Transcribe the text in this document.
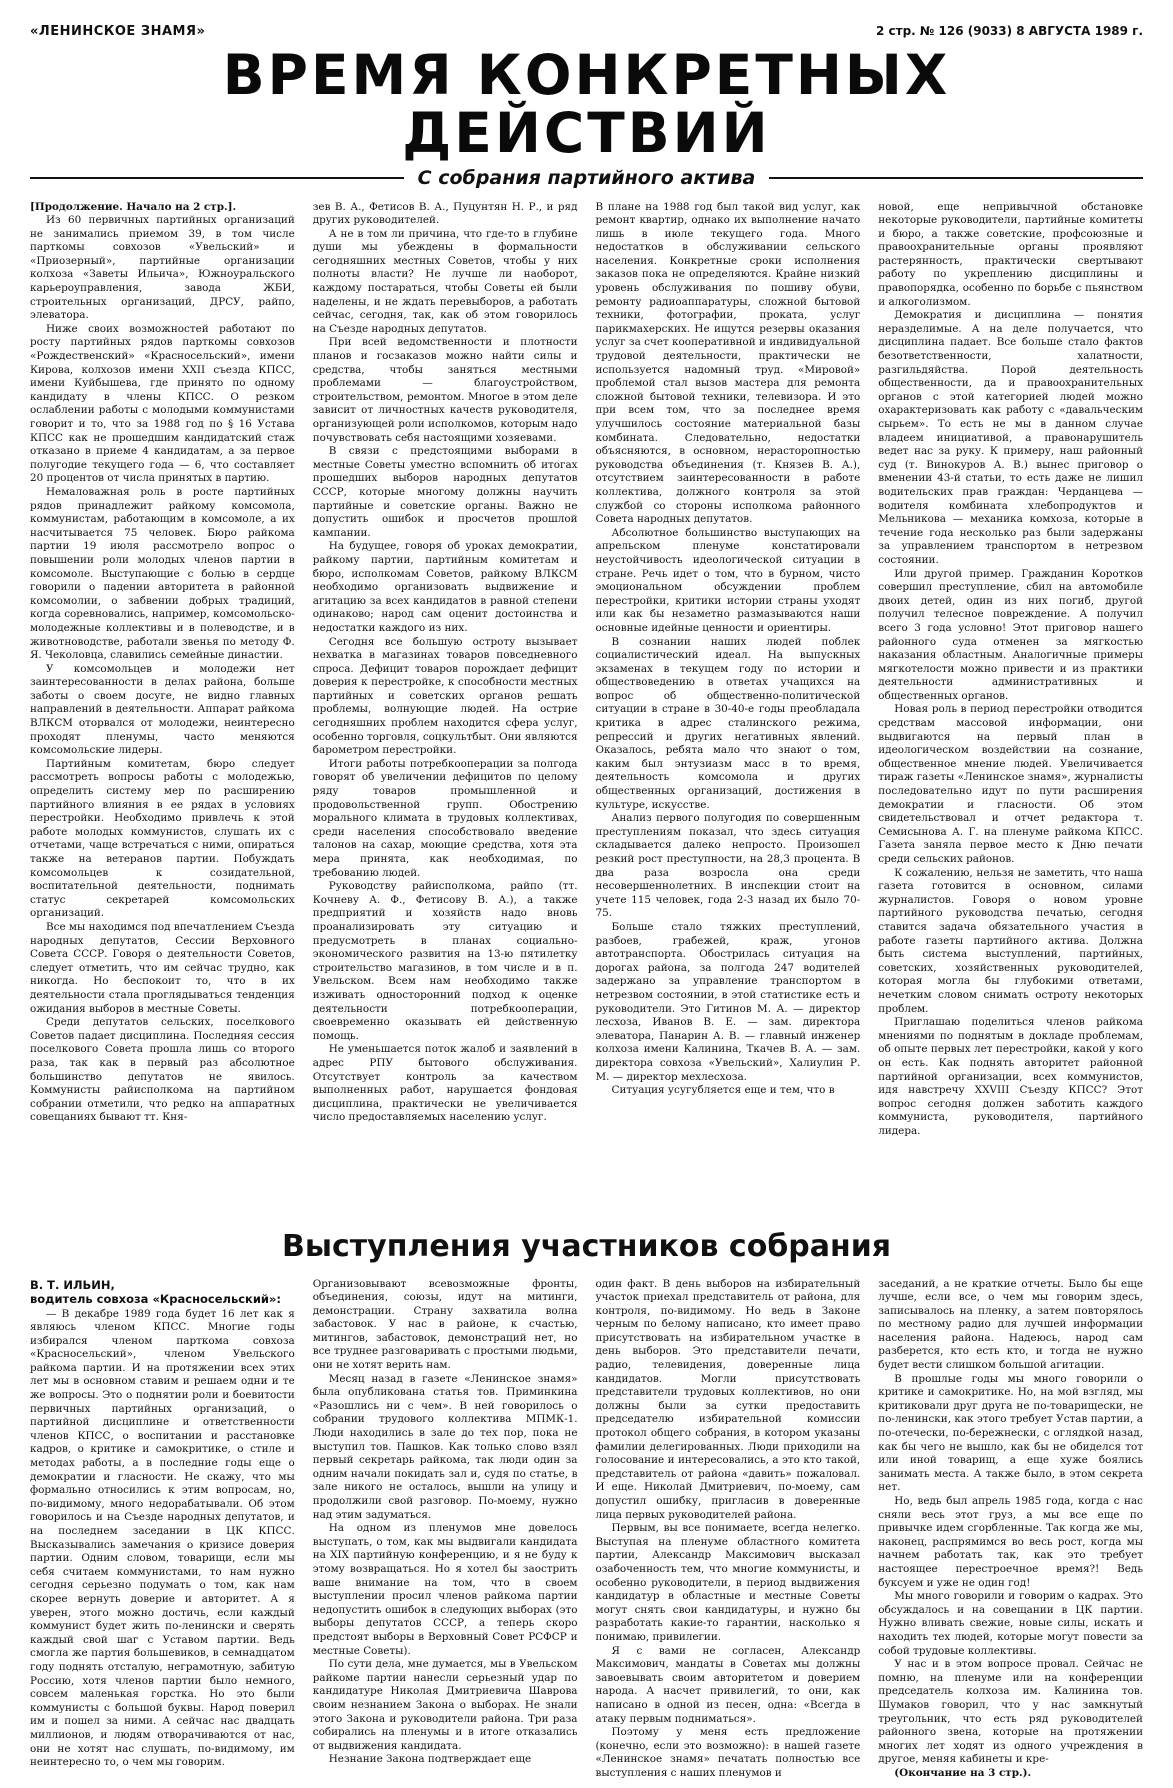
«ЛЕНИНСКОЕ ЗНАМЯ»	2 стр. № 126 (9033) 8 АВГУСТА 1989 г.
ВРЕМЯ КОНКРЕТНЫХ ДЕЙСТВИЙ
С собрания партийного актива

[Продолжение. Начало на 2 стр.].

Из 60 первичных партийных организаций не занимались приемом 39, в том числе парткомы совхозов «Увельский» и «Приозерный», партийные организации колхоза «Заветы Ильича», Южноуральского карьероуправления, завода ЖБИ, строительных организаций, ДРСУ, райпо, элеватора.

Ниже своих возможностей работают по росту партийных рядов парткомы совхозов «Рождественский» «Красносельский», имени Кирова, колхозов имени XXII съезда КПСС, имени Куйбышева, где принято по одному кандидату в члены КПСС. О резком ослаблении работы с молодыми коммунистами говорит и то, что за 1988 год по § 16 Устава КПСС как не прошедшим кандидатский стаж отказано в приеме 4 кандидатам, а за первое полугодие текущего года — 6, что составляет 20 процентов от числа принятых в партию.

Немаловажная роль в росте партийных рядов принадлежит райкому комсомола, коммунистам, работающим в комсомоле, а их насчитывается 75 человек. Бюро райкома партии 19 июля рассмотрело вопрос о повышении роли молодых членов партии в комсомоле. Выступающие с болью в сердце говорили о падении авторитета в районной комсомолии, о забвении добрых традиций, когда соревновались, например, комсомольско-молодежные коллективы и в полеводстве, и в животноводстве, работали звенья по методу Ф. Я. Чеколовца, славились семейные династии.

У комсомольцев и молодежи нет заинтересованности в делах района, больше заботы о своем досуге, не видно главных направлений в деятельности. Аппарат райкома ВЛКСМ оторвался от молодежи, неинтересно проходят пленумы, часто меняются комсомольские лидеры.

Партийным комитетам, бюро следует рассмотреть вопросы работы с молодежью, определить систему мер по расширению партийного влияния в ее рядах в условиях перестройки. Необходимо привлечь к этой работе молодых коммунистов, слушать их с отчетами, чаще встречаться с ними, опираться также на ветеранов партии. Побуждать комсомольцев к созидательной, воспитательной деятельности, поднимать статус секретарей комсомольских организаций.

Все мы находимся под впечатлением Съезда народных депутатов, Сессии Верховного Совета СССР. Говоря о деятельности Советов, следует отметить, что им сейчас трудно, как никогда. Но беспокоит то, что в их деятельности стала проглядываться тенденция ожидания выборов в местные Советы.

Среди депутатов сельских, поселкового Советов падает дисциплина. Последняя сессия поселкового Совета прошла лишь со второго раза, так как в первый раз абсолютное большинство депутатов не явилось. Коммунисты райисполкома на партийном собрании отметили, что редко на аппаратных совещаниях бывают тт. Кня-

зев В. А., Фетисов В. А., Пуцунтян Н. Р., и ряд других руководителей.

А не в том ли причина, что где-то в глубине души мы убеждены в формальности сегодняшних местных Советов, чтобы у них полноты власти? Не лучше ли наоборот, каждому постараться, чтобы Советы ей были наделены, и не ждать перевыборов, а работать сейчас, сегодня, так, как об этом говорилось на Съезде народных депутатов.

При всей ведомственности и плотности планов и госзаказов можно найти силы и средства, чтобы заняться местными проблемами — благоустройством, строительством, ремонтом. Многое в этом деле зависит от личностных качеств руководителя, организующей роли исполкомов, которым надо почувствовать себя настоящими хозяевами.

В связи с предстоящими выборами в местные Советы уместно вспомнить об итогах прошедших выборов народных депутатов СССР, которые многому должны научить партийные и советские органы. Важно не допустить ошибок и просчетов прошлой кампании.

На будущее, говоря об уроках демократии, райкому партии, партийным комитетам и бюро, исполкомам Советов, райкому ВЛКСМ необходимо организовать выдвижение и агитацию за всех кандидатов в равной степени одинаково; народ сам оценит достоинства и недостатки каждого из них.

Сегодня все большую остроту вызывает нехватка в магазинах товаров повседневного спроса. Дефицит товаров порождает дефицит доверия к перестройке, к способности местных партийных и советских органов решать проблемы, волнующие людей. На острие сегодняшних проблем находится сфера услуг, особенно торговля, соцкультбыт. Они являются барометром перестройки.

Итоги работы потребкооперации за полгода говорят об увеличении дефицитов по целому ряду товаров промышленной и продовольственной групп. Обострению морального климата в трудовых коллективах, среди населения способствовало введение талонов на сахар, моющие средства, хотя эта мера принята, как необходимая, по требованию людей.

Руководству райисполкома, райпо (тт. Кочневу А. Ф., Фетисову В. А.), а также предприятий и хозяйств надо вновь проанализировать эту ситуацию и предусмотреть в планах социально-экономического развития на 13-ю пятилетку строительство магазинов, в том числе и в п. Увельском. Всем нам необходимо также изживать односторонний подход к оценке деятельности потребкооперации, своевременно оказывать ей действенную помощь.

Не уменьшается поток жалоб и заявлений в адрес РПУ бытового обслуживания. Отсутствует контроль за качеством выполненных работ, нарушается фондовая дисциплина, практически не увеличивается число предоставляемых населению услуг.

В плане на 1988 год был такой вид услуг, как ремонт квартир, однако их выполнение начато лишь в июле текущего года. Много недостатков в обслуживании сельского населения. Конкретные сроки исполнения заказов пока не определяются. Крайне низкий уровень обслуживания по пошиву обуви, ремонту радиоаппаратуры, сложной бытовой техники, фотографии, проката, услуг парикмахерских. Не ищутся резервы оказания услуг за счет кооперативной и индивидуальной трудовой деятельности, практически не используется надомный труд. «Мировой» проблемой стал вызов мастера для ремонта сложной бытовой техники, телевизора. И это при всем том, что за последнее время улучшилось состояние материальной базы комбината. Следовательно, недостатки объясняются, в основном, нерасторопностью руководства объединения (т. Князев В. А.), отсутствием заинтересованности в работе коллектива, должного контроля за этой службой со стороны исполкома районного Совета народных депутатов.

Абсолютное большинство выступающих на апрельском пленуме констатировали неустойчивость идеологической ситуации в стране. Речь идет о том, что в бурном, чисто эмоциональном обсуждении проблем перестройки, критики истории страны уходят или как бы незаметно размазываются наши основные идейные ценности и ориентиры.

В сознании наших людей поблек социалистический идеал. На выпускных экзаменах в текущем году по истории и обществоведению в ответах учащихся на вопрос об общественно-политической ситуации в стране в 30-40-е годы преобладала критика в адрес сталинского режима, репрессий и других негативных явлений. Оказалось, ребята мало что знают о том, каким был энтузиазм масс в то время, деятельность комсомола и других общественных организаций, достижения в культуре, искусстве.

Анализ первого полугодия по совершенным преступлениям показал, что здесь ситуация складывается далеко непросто. Произошел резкий рост преступности, на 28,3 процента. В два раза возросла она среди несовершеннолетних. В инспекции стоит на учете 115 человек, года 2-3 назад их было 70-75.

Больше стало тяжких преступлений, разбоев, грабежей, краж, угонов автотранспорта. Обострилась ситуация на дорогах района, за полгода 247 водителей задержано за управление транспортом в нетрезвом состоянии, в этой статистике есть и руководители. Это Гитинов М. А. — директор лесхоза, Иванов В. Е. — зам. директора элеватора, Панарин А. В. — главный инженер колхоза имени Калинина, Ткачев В. А. — зам. директора совхоза «Увельский», Халиулин Р. М. — директор мехлесхоза.

Ситуация усугубляется еще и тем, что в

новой, еще непривычной обстановке некоторые руководители, партийные комитеты и бюро, а также советские, профсоюзные и правоохранительные органы проявляют растерянность, практически свертывают работу по укреплению дисциплины и правопорядка, особенно по борьбе с пьянством и алкоголизмом.

Демократия и дисциплина — понятия неразделимые. А на деле получается, что дисциплина падает. Все больше стало фактов безответственности, халатности, разгильдяйства. Порой деятельность общественности, да и правоохранительных органов с этой категорией людей можно охарактеризовать как работу с «давальческим сырьем». То есть не мы в данном случае владеем инициативой, а правонарушитель ведет нас за руку. К примеру, наш районный суд (т. Винокуров А. В.) вынес приговор о вменении 43-й статьи, то есть даже не лишил водительских прав граждан: Черданцева — водителя комбината хлебопродуктов и Мельникова — механика комхоза, которые в течение года несколько раз были задержаны за управлением транспортом в нетрезвом состоянии.

Или другой пример. Гражданин Коротков совершил преступление, сбил на автомобиле двоих детей, один из них погиб, другой получил телесное повреждение. А получил всего 3 года условно! Этот приговор нашего районного суда отменен за мягкостью наказания областным. Аналогичные примеры мягкотелости можно привести и из практики деятельности административных и общественных органов.

Новая роль в период перестройки отводится средствам массовой информации, они выдвигаются на первый план в идеологическом воздействии на сознание, общественное мнение людей. Увеличивается тираж газеты «Ленинское знамя», журналисты последовательно идут по пути расширения демократии и гласности. Об этом свидетельствовал и отчет редактора т. Семисынова А. Г. на пленуме райкома КПСС. Газета заняла первое место к Дню печати среди сельских районов.

К сожалению, нельзя не заметить, что наша газета готовится в основном, силами журналистов. Говоря о новом уровне партийного руководства печатью, сегодня ставится задача обязательного участия в работе газеты партийного актива. Должна быть система выступлений, партийных, советских, хозяйственных руководителей, которая могла бы глубокими ответами, нечетким словом снимать остроту некоторых проблем.

Приглашаю поделиться членов райкома мнениями по поднятым в докладе проблемам, об опыте первых лет перестройки, какой у кого он есть. Как поднять авторитет районной партийной организации, всех коммунистов, идя навстречу XXVIII Съезду КПСС? Этот вопрос сегодня должен заботить каждого коммуниста, руководителя, партийного лидера.

Выступления участников собрания

В. Т. ИЛЬИН,

водитель совхоза «Красносельский»:

— В декабре 1989 года будет 16 лет как я являюсь членом КПСС. Многие годы избирался членом парткома совхоза «Красносельский», членом Увельского райкома партии. И на протяжении всех этих лет мы в основном ставим и решаем одни и те же вопросы. Это о поднятии роли и боевитости первичных партийных организаций, о партийной дисциплине и ответственности членов КПСС, о воспитании и расстановке кадров, о критике и самокритике, о стиле и методах работы, а в последние годы еще о демократии и гласности. Не скажу, что мы формально относились к этим вопросам, но, по-видимому, много недорабатывали. Об этом говорилось и на Съезде народных депутатов, и на последнем заседании в ЦК КПСС. Высказывались замечания о кризисе доверия партии. Одним словом, товарищи, если мы себя считаем коммунистами, то нам нужно сегодня серьезно подумать о том, как нам скорее вернуть доверие и авторитет. А я уверен, этого можно достичь, если каждый коммунист будет жить по-ленински и сверять каждый свой шаг с Уставом партии. Ведь смогла же партия большевиков, в семнадцатом году поднять отсталую, неграмотную, забитую Россию, хотя членов партии было немного, совсем маленькая горстка. Но это были коммунисты с большой буквы. Народ поверил им и пошел за ними. А сейчас нас двадцать миллионов, и людям отворачиваются от нас, они не хотят нас слушать, по-видимому, им неинтересно то, о чем мы говорим.

Организовывают всевозможные фронты, объединения, союзы, идут на митинги, демонстрации. Страну захватила волна забастовок. У нас в районе, к счастью, митингов, забастовок, демонстраций нет, но все труднее разговаривать с простыми людьми, они не хотят верить нам.

Месяц назад в газете «Ленинское знамя» была опубликована статья тов. Приминкина «Разошлись ни с чем». В ней говорилось о собрании трудового коллектива МПМК-1. Люди находились в зале до тех пор, пока не выступил тов. Пашков. Как только слово взял первый секретарь райкома, так люди один за одним начали покидать зал и, судя по статье, в зале никого не осталось, вышли на улицу и продолжили свой разговор. По-моему, нужно над этим задуматься.

На одном из пленумов мне довелось выступать, о том, как мы выдвигали кандидата на XIX партийную конференцию, и я не буду к этому возвращаться. Но я хотел бы заострить ваше внимание на том, что в своем выступлении просил членов райкома партии недопустить ошибок в следующих выборах (это выборы депутатов СССР, а теперь скоро предстоят выборы в Верховный Совет РСФСР и местные Советы).

По сути дела, мне думается, мы в Увельском райкоме партии нанесли серьезный удар по кандидатуре Николая Дмитриевича Шаврова своим незнанием Закона о выборах. Не знали этого Закона и руководители района. Три раза собирались на пленумы и в итоге отказались от выдвижения кандидата.

Незнание Закона подтверждает еще

один факт. В день выборов на избирательный участок приехал представитель от района, для контроля, по-видимому. Но ведь в Законе черным по белому написано, кто имеет право присутствовать на избирательном участке в день выборов. Это представители печати, радио, телевидения, доверенные лица кандидатов. Могли присутствовать представители трудовых коллективов, но они должны были за сутки предоставить председателю избирательной комиссии протокол общего собрания, в котором указаны фамилии делегированных. Люди приходили на голосование и интересовались, а это кто такой, представитель от района «давить» пожаловал. И еще. Николай Дмитриевич, по-моему, сам допустил ошибку, пригласив в доверенные лица первых руководителей района.

Первым, вы все понимаете, всегда нелегко. Выступая на пленуме областного комитета партии, Александр Максимович высказал озабоченность тем, что многие коммунисты, и особенно руководители, в период выдвижения кандидатур в областные и местные Советы могут снять свои кандидатуры, и нужно бы разработать какие-то гарантии, насколько я понимаю, привилегии.

Я с вами не согласен, Александр Максимович, мандаты в Советах мы должны завоевывать своим авторитетом и доверием народа. А насчет привилегий, то они, как написано в одной из песен, одна: «Всегда в атаку первым подниматься».

Поэтому у меня есть предложение (конечно, если это возможно): в нашей газете «Ленинское знамя» печатать полностью все выступления с наших пленумов и

заседаний, а не краткие отчеты. Было бы еще лучше, если все, о чем мы говорим здесь, записывалось на пленку, а затем повторялось по местному радио для лучшей информации населения района. Надеюсь, народ сам разберется, кто есть кто, и тогда не нужно будет вести слишком большой агитации.

В прошлые годы мы много говорили о критике и самокритике. Но, на мой взгляд, мы критиковали друг друга не по-товарищески, не по-ленински, как этого требует Устав партии, а по-отечески, по-бережнески, с оглядкой назад, как бы чего не вышло, как бы не обиделся тот или иной товарищ, а еще хуже боялись занимать места. А также было, в этом секрета нет.

Но, ведь был апрель 1985 года, когда с нас сняли весь этот груз, а мы все еще по привычке идем сгорбленные. Так когда же мы, наконец, распрямимся во весь рост, когда мы начнем работать так, как это требует настоящее перестроечное время?! Ведь буксуем и уже не один год!

Мы много говорили и говорим о кадрах. Это обсуждалось и на совещании в ЦК партии. Нужно вливать свежие, новые силы, искать и находить тех людей, которые могут повести за собой трудовые коллективы.

У нас и в этом вопросе провал. Сейчас не помню, на пленуме или на конференции председатель колхоза им. Калинина тов. Шумаков говорил, что у нас замкнутый треугольник, что есть ряд руководителей районного звена, которые на протяжении многих лет ходят из одного учреждения в другое, меняя кабинеты и кре-

(Окончание на 3 стр.).
